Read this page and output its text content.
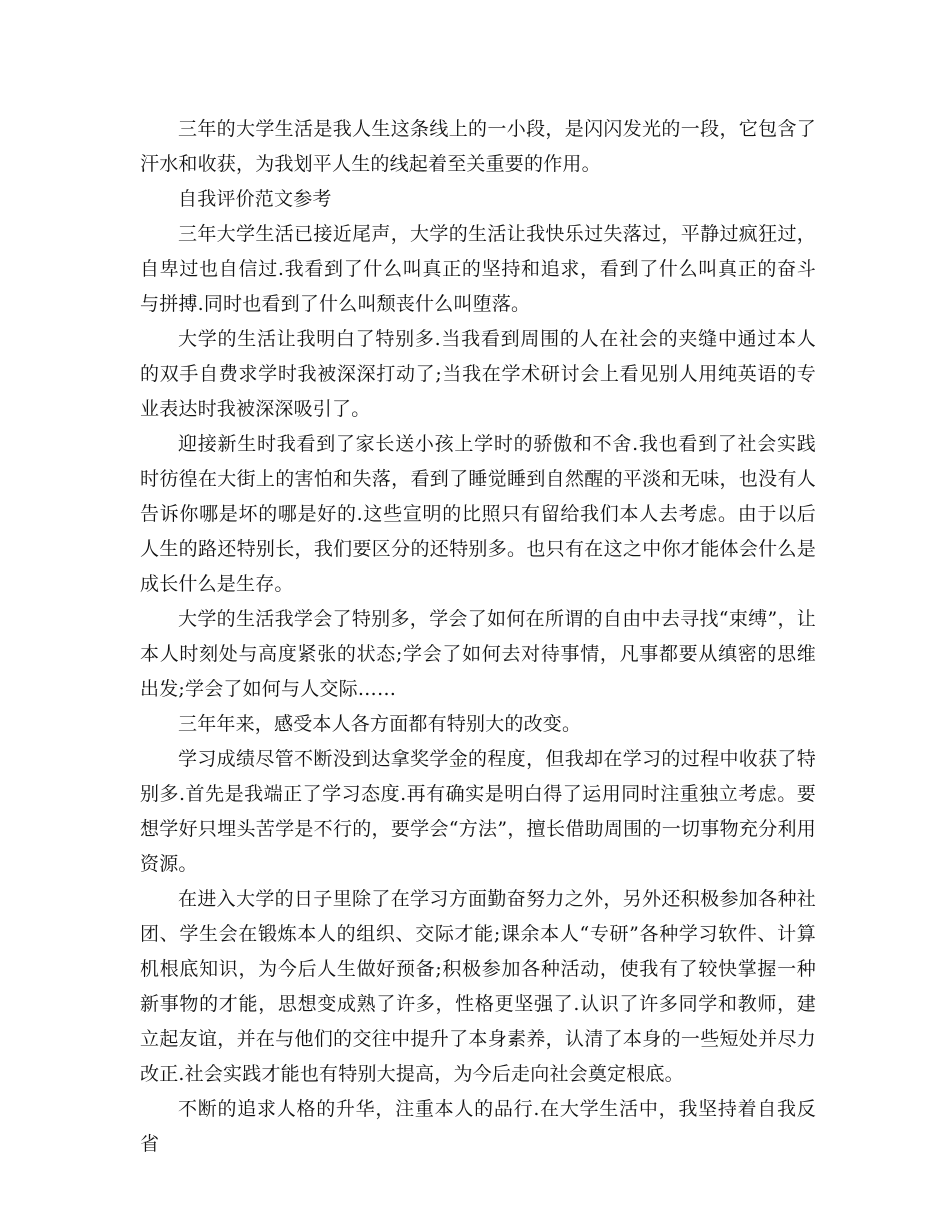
三年的大学生活是我人生这条线上的一小段，是闪闪发光的一段，它包含了汗水和收获，为我划平人生的线起着至关重要的作用。

自我评价范文参考

三年大学生活已接近尾声，大学的生活让我快乐过失落过，平静过疯狂过，自卑过也自信过.我看到了什么叫真正的坚持和追求，看到了什么叫真正的奋斗与拼搏.同时也看到了什么叫颓丧什么叫堕落。

大学的生活让我明白了特别多.当我看到周围的人在社会的夹缝中通过本人的双手自费求学时我被深深打动了;当我在学术研讨会上看见别人用纯英语的专业表达时我被深深吸引了。

迎接新生时我看到了家长送小孩上学时的骄傲和不舍.我也看到了社会实践时彷徨在大街上的害怕和失落，看到了睡觉睡到自然醒的平淡和无味，也没有人告诉你哪是坏的哪是好的.这些宣明的比照只有留给我们本人去考虑。由于以后人生的路还特别长，我们要区分的还特别多。也只有在这之中你才能体会什么是成长什么是生存。

大学的生活我学会了特别多，学会了如何在所谓的自由中去寻找“束缚”，让本人时刻处与高度紧张的状态;学会了如何去对待事情，凡事都要从缜密的思维出发;学会了如何与人交际……

三年年来，感受本人各方面都有特别大的改变。

学习成绩尽管不断没到达拿奖学金的程度，但我却在学习的过程中收获了特别多.首先是我端正了学习态度.再有确实是明白得了运用同时注重独立考虑。要想学好只埋头苦学是不行的，要学会“方法”，擅长借助周围的一切事物充分利用资源。

在进入大学的日子里除了在学习方面勤奋努力之外，另外还积极参加各种社团、学生会在锻炼本人的组织、交际才能;课余本人“专研”各种学习软件、计算机根底知识，为今后人生做好预备;积极参加各种活动，使我有了较快掌握一种新事物的才能，思想变成熟了许多，性格更坚强了.认识了许多同学和教师，建立起友谊，并在与他们的交往中提升了本身素养，认清了本身的一些短处并尽力改正.社会实践才能也有特别大提高，为今后走向社会奠定根底。

不断的追求人格的升华，注重本人的品行.在大学生活中，我坚持着自我反省
